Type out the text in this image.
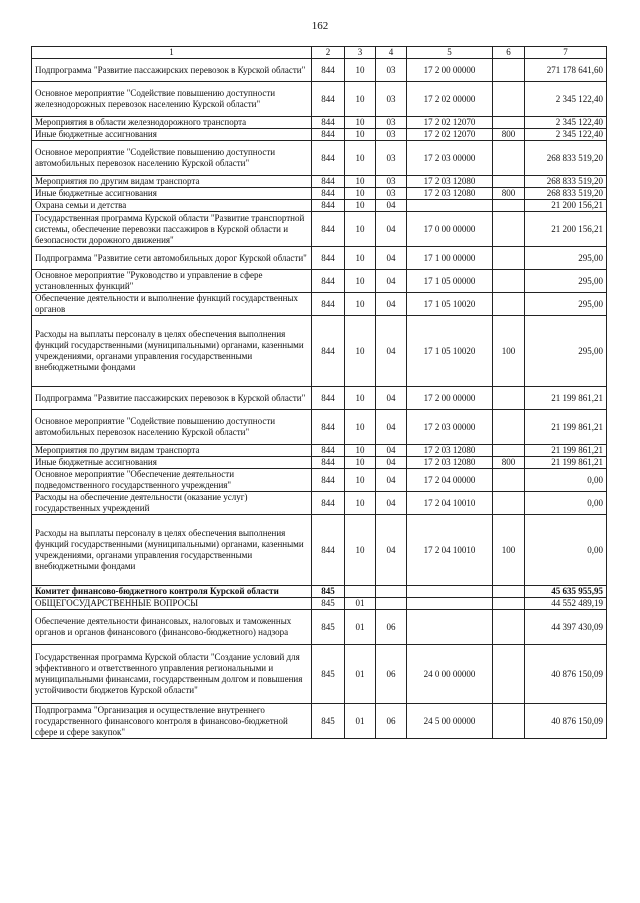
162
1	2	3	4	5	6	7
Подпрограмма "Развитие пассажирских перевозок в Курской области"	844	10	03	17 2 00 00000		271 178 641,60
Основное мероприятие "Содействие повышению доступности железнодорожных перевозок населению Курской области"	844	10	03	17 2 02 00000		2 345 122,40
Мероприятия в области железнодорожного транспорта	844	10	03	17 2 02 12070		2 345 122,40
Иные бюджетные ассигнования	844	10	03	17 2 02 12070	800	2 345 122,40
Основное мероприятие "Содействие повышению доступности автомобильных перевозок населению Курской области"	844	10	03	17 2 03 00000		268 833 519,20
Мероприятия по другим видам транспорта	844	10	03	17 2 03 12080		268 833 519,20
Иные бюджетные ассигнования	844	10	03	17 2 03 12080	800	268 833 519,20
Охрана семьи и детства	844	10	04			21 200 156,21
Государственная программа Курской области "Развитие транспортной системы, обеспечение перевозки пассажиров в Курской области и безопасности дорожного движения"	844	10	04	17 0 00 00000		21 200 156,21
Подпрограмма "Развитие сети автомобильных дорог Курской области"	844	10	04	17 1 00 00000		295,00
Основное мероприятие "Руководство и управление в сфере установленных функций"	844	10	04	17 1 05 00000		295,00
Обеспечение деятельности и выполнение функций государственных органов	844	10	04	17 1 05 10020		295,00
Расходы на выплаты персоналу в целях обеспечения выполнения функций государственными (муниципальными) органами, казенными учреждениями, органами управления государственными внебюджетными фондами	844	10	04	17 1 05 10020	100	295,00
Подпрограмма "Развитие пассажирских перевозок в Курской области"	844	10	04	17 2 00 00000		21 199 861,21
Основное мероприятие "Содействие повышению доступности автомобильных перевозок населению Курской области"	844	10	04	17 2 03 00000		21 199 861,21
Мероприятия по другим видам транспорта	844	10	04	17 2 03 12080		21 199 861,21
Иные бюджетные ассигнования	844	10	04	17 2 03 12080	800	21 199 861,21
Основное мероприятие "Обеспечение деятельности подведомственного государственного учреждения"	844	10	04	17 2 04 00000		0,00
Расходы на обеспечение деятельности (оказание услуг) государственных учреждений	844	10	04	17 2 04 10010		0,00
Расходы на выплаты персоналу в целях обеспечения выполнения функций государственными (муниципальными) органами, казенными учреждениями, органами управления государственными внебюджетными фондами	844	10	04	17 2 04 10010	100	0,00
Комитет финансово-бюджетного контроля Курской области	845					45 635 955,95
ОБЩЕГОСУДАРСТВЕННЫЕ ВОПРОСЫ	845	01				44 552 489,19
Обеспечение деятельности финансовых, налоговых и таможенных органов и органов финансового (финансово-бюджетного) надзора	845	01	06			44 397 430,09
Государственная программа Курской области "Создание условий для эффективного и ответственного управления региональными и муниципальными финансами, государственным долгом и повышения устойчивости бюджетов Курской области"	845	01	06	24 0 00 00000		40 876 150,09
Подпрограмма "Организация и осуществление внутреннего государственного финансового контроля в финансово-бюджетной сфере и сфере закупок"	845	01	06	24 5 00 00000		40 876 150,09
